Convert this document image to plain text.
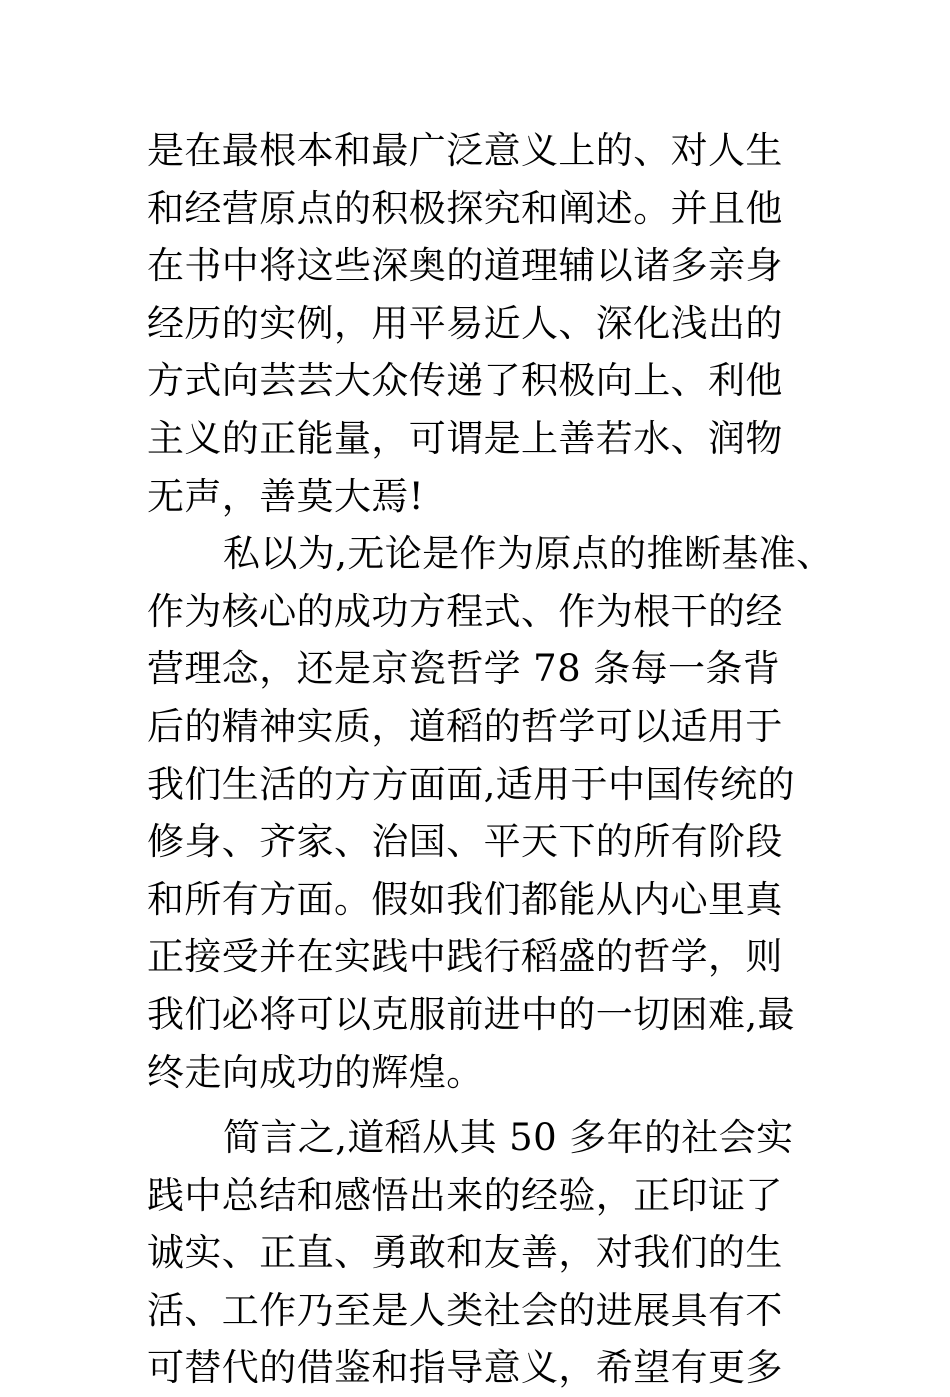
是在最根本和最广泛意义上的、对人生
和经营原点的积极探究和阐述。并且他
在书中将这些深奥的道理辅以诸多亲身
经历的实例，用平易近人、深化浅出的
方式向芸芸大众传递了积极向上、利他
主义的正能量，可谓是上善若水、润物
无声，善莫大焉!
私以为,无论是作为原点的推断基准、
作为核心的成功方程式、作为根干的经
营理念，还是京瓷哲学 78 条每一条背
后的精神实质，道稻的哲学可以适用于
我们生活的方方面面,适用于中国传统的
修身、齐家、治国、平天下的所有阶段
和所有方面。假如我们都能从内心里真
正接受并在实践中践行稻盛的哲学，则
我们必将可以克服前进中的一切困难,最
终走向成功的辉煌。
简言之,道稻从其 50 多年的社会实
践中总结和感悟出来的经验，正印证了
诚实、正直、勇敢和友善，对我们的生
活、工作乃至是人类社会的进展具有不
可替代的借鉴和指导意义，希望有更多
